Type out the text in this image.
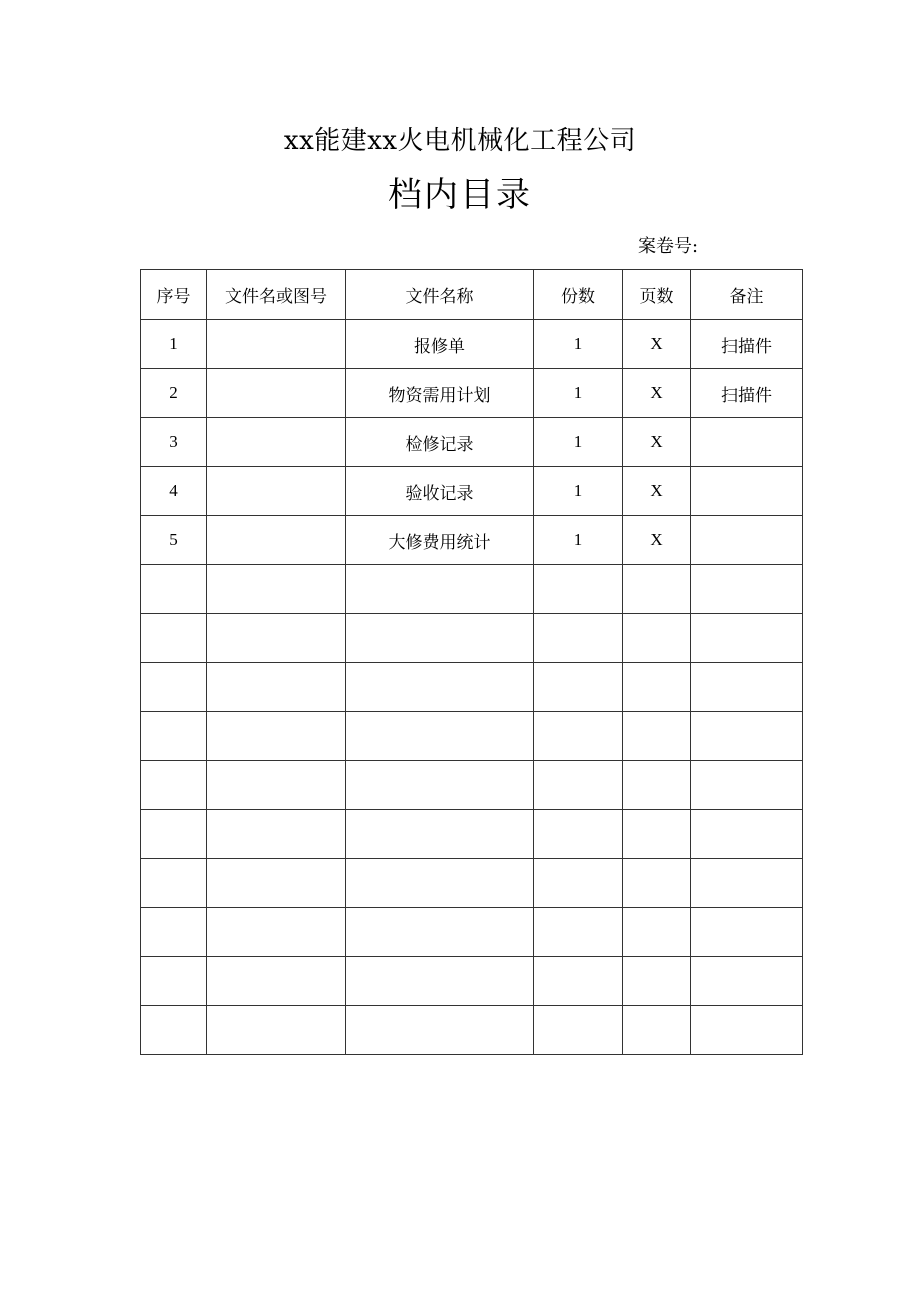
xx能建xx火电机械化工程公司
档内目录
案卷号:
序号	文件名或图号	文件名称	份数	页数	备注
1		报修单	1	X	扫描件
2		物资需用计划	1	X	扫描件
3		检修记录	1	X	
4		验收记录	1	X	
5		大修费用统计	1	X	
